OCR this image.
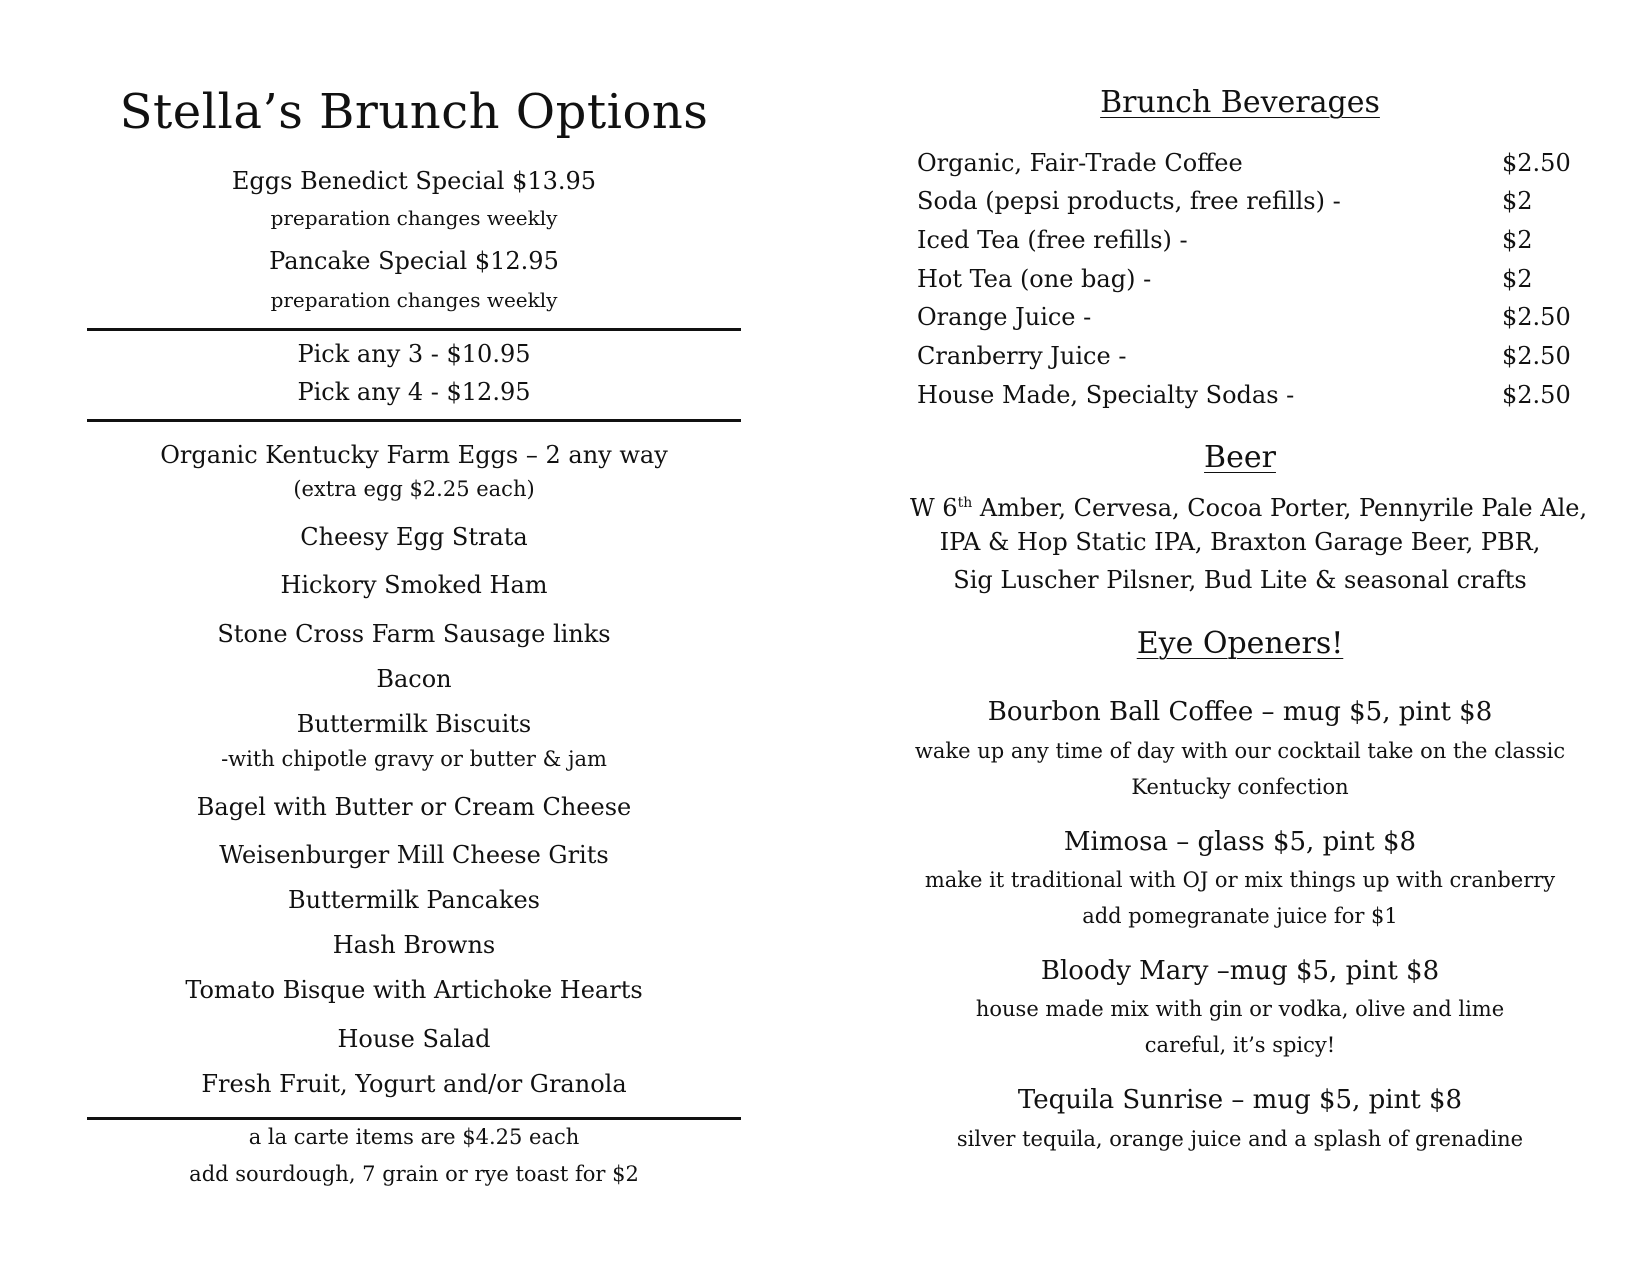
Stella’s Brunch Options
Eggs Benedict Special $13.95
preparation changes weekly
Pancake Special $12.95
preparation changes weekly
Pick any 3 - $10.95
Pick any 4 - $12.95
Organic Kentucky Farm Eggs – 2 any way
(extra egg $2.25 each)
Cheesy Egg Strata
Hickory Smoked Ham
Stone Cross Farm Sausage links
Bacon
Buttermilk Biscuits
-with chipotle gravy or butter & jam
Bagel with Butter or Cream Cheese
Weisenburger Mill Cheese Grits
Buttermilk Pancakes
Hash Browns
Tomato Bisque with Artichoke Hearts
House Salad
Fresh Fruit, Yogurt and/or Granola
a la carte items are $4.25 each
add sourdough, 7 grain or rye toast for $2
Brunch Beverages
Organic, Fair-Trade Coffee	$2.50
Soda (pepsi products, free refills) -	$2
Iced Tea (free refills) -	$2
Hot Tea (one bag) -	$2
Orange Juice -	$2.50
Cranberry Juice -	$2.50
House Made, Specialty Sodas -	$2.50
Beer
W 6th Amber, Cervesa, Cocoa Porter, Pennyrile Pale Ale,
IPA & Hop Static IPA, Braxton Garage Beer, PBR,
Sig Luscher Pilsner, Bud Lite & seasonal crafts
Eye Openers!
Bourbon Ball Coffee – mug $5, pint $8
wake up any time of day with our cocktail take on the classic
Kentucky confection
Mimosa – glass $5, pint $8
make it traditional with OJ or mix things up with cranberry
add pomegranate juice for $1
Bloody Mary –mug $5, pint $8
house made mix with gin or vodka, olive and lime
careful, it’s spicy!
Tequila Sunrise – mug $5, pint $8
silver tequila, orange juice and a splash of grenadine
